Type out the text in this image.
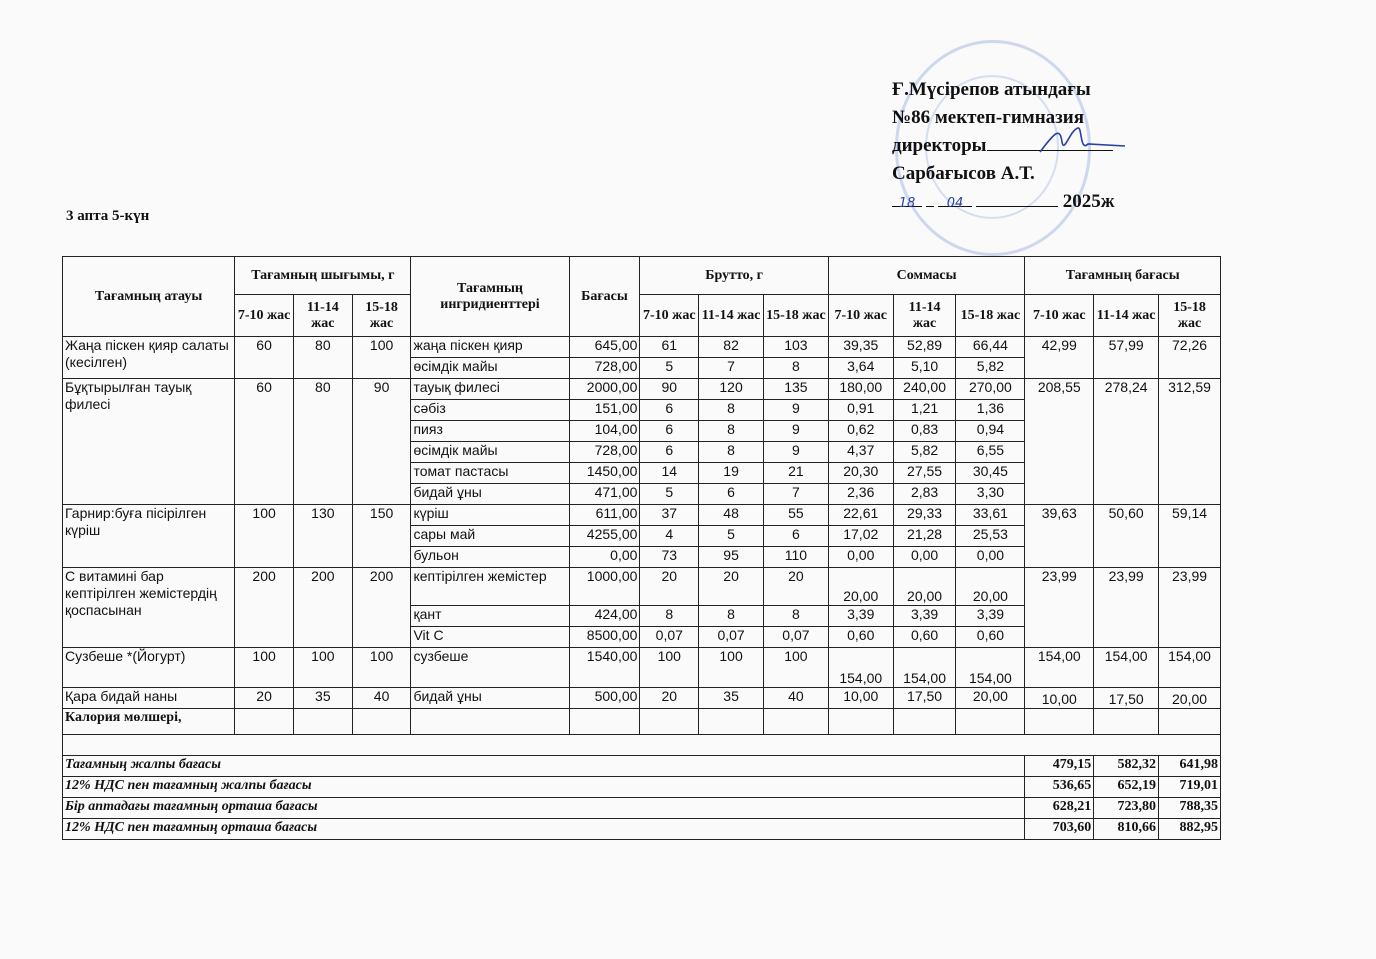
Ғ.Мүсірепов атындағы
№86 мектеп-гимназия
директоры
Сарбағысов А.Т.
18 04	2025ж
3 апта 5-күн
Тағамның атауы	Тағамның шығымы, г			Тағамның ингридиенттері	Бағасы	Брутто, г			Соммасы			Тағамның бағасы		
	7-10 жас	11-14 жас	15-18 жас			7-10 жас	11-14 жас	15-18 жас	7-10 жас	11-14 жас	15-18 жас	7-10 жас	11-14 жас	15-18 жас
Жаңа піскен қияр салаты (кесілген)	60	80	100	жаңа піскен қияр	645,00	61	82	103	39,35	52,89	66,44	42,99	57,99	72,26
				өсімдік майы	728,00	5	7	8	3,64	5,10	5,82			
Бұқтырылған тауық филесі	60	80	90	тауық филесі	2000,00	90	120	135	180,00	240,00	270,00	208,55	278,24	312,59
				сәбіз	151,00	6	8	9	0,91	1,21	1,36			
				пияз	104,00	6	8	9	0,62	0,83	0,94			
				өсімдік майы	728,00	6	8	9	4,37	5,82	6,55			
				томат пастасы	1450,00	14	19	21	20,30	27,55	30,45			
				бидай ұны	471,00	5	6	7	2,36	2,83	3,30			
Гарнир:буға пісірілген күріш	100	130	150	күріш	611,00	37	48	55	22,61	29,33	33,61	39,63	50,60	59,14
				сары май	4255,00	4	5	6	17,02	21,28	25,53			
				бульон	0,00	73	95	110	0,00	0,00	0,00			
С витамині бар кептірілген жемістердің қоспасынан	200	200	200	кептірілген жемістер	1000,00	20	20	20	20,00	20,00	20,00	23,99	23,99	23,99
				қант	424,00	8	8	8	3,39	3,39	3,39			
				Vit C	8500,00	0,07	0,07	0,07	0,60	0,60	0,60			
Сузбеше *(Йогурт)	100	100	100	сузбеше	1540,00	100	100	100	154,00	154,00	154,00	154,00	154,00	154,00
Қара бидай наны	20	35	40	бидай ұны	500,00	20	35	40	10,00	17,50	20,00	10,00	17,50	20,00
Калория мөлшері,														

Тағамның жалпы бағасы												479,15	582,32	641,98
12% НДС пен тағамның жалпы бағасы												536,65	652,19	719,01
Бір аптадағы тағамның орташа бағасы												628,21	723,80	788,35
12% НДС пен тағамның орташа бағасы												703,60	810,66	882,95
